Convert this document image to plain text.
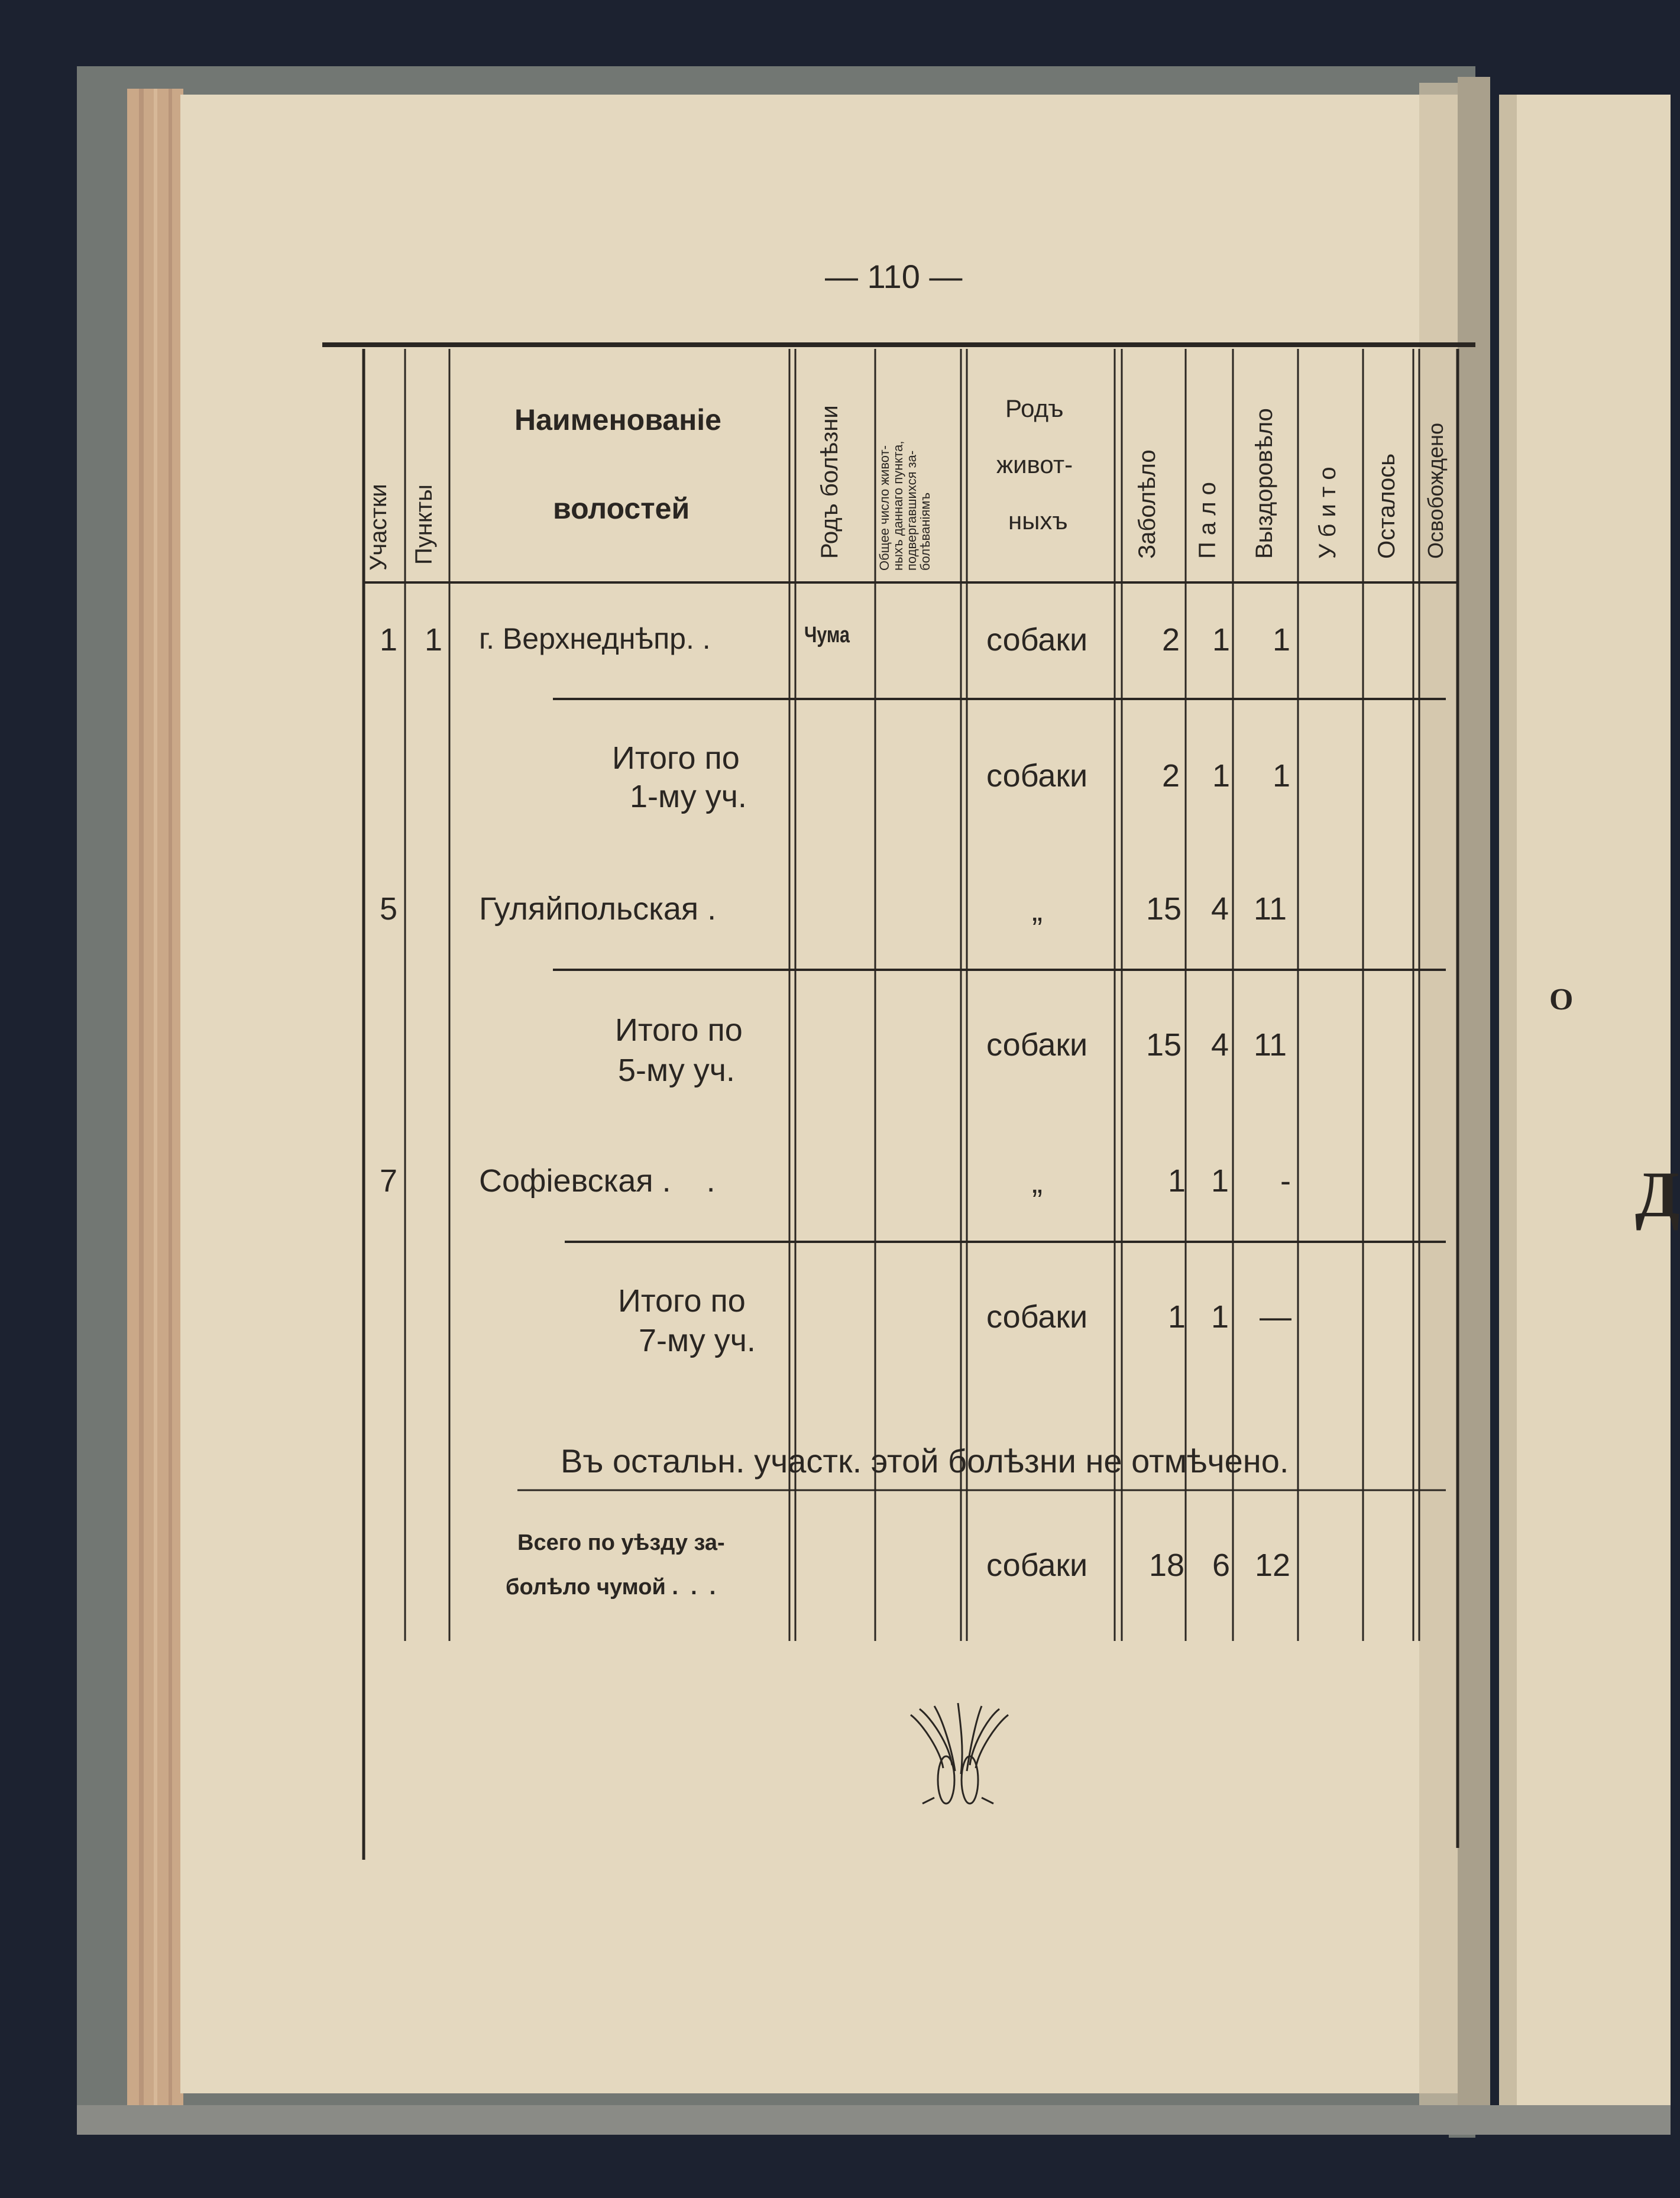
— 110 —
Участки Пункты
Наименованіе
волостей	Родъ болѣзни	Общее число живот-
ныхъ даннаго пункта,
подвергавшихся за-
болѣваніямъ
Родъ
живот-
ныхъ	Заболѣло П а л о Выздоровѣло У б и т о Осталось Освобождено
1 1 г. Верхнеднѣпр. .	Чума	собаки 2 1 1
Итого по
1-му уч.
собаки 2 1 1
5	Гуляйпольская .	„	15 4 11
Итого по
5-му уч.
собаки 15 4 11
7	Софіевская .    .	„	1 1 -
Итого по
7-му уч.
собаки	1 1 —
Въ остальн. участк. этой болѣзни не отмѣчено.
Всего по уѣзду за-
болѣло чумой .  .  .
собаки 18 6 12
О
Д
